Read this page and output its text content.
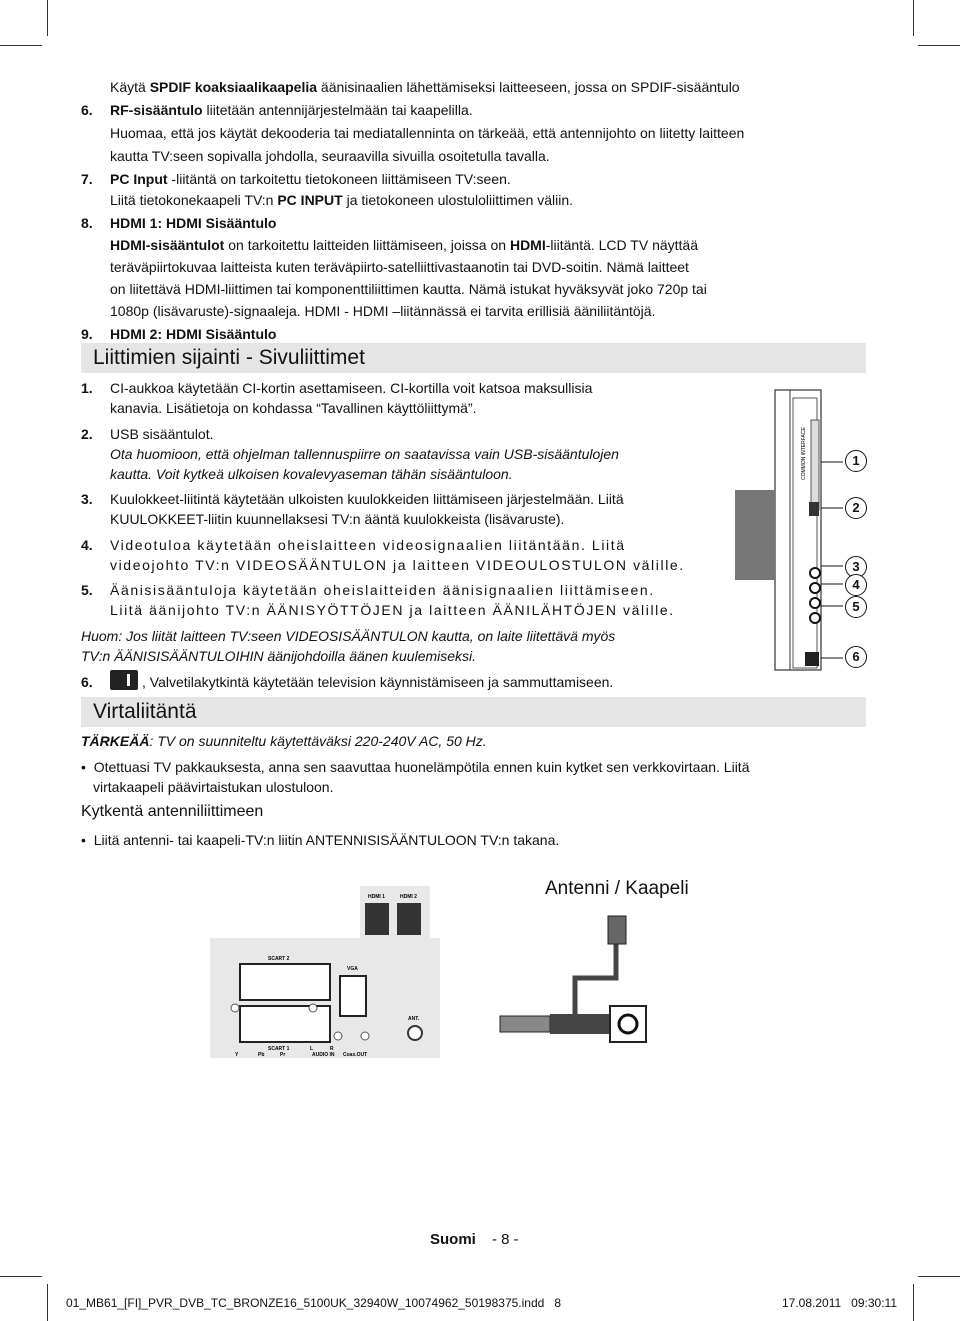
Käytä SPDIF koaksiaalikaapelia äänisinaalien lähettämiseksi laitteeseen, jossa on SPDIF-sisääntulo
6. RF-sisääntulo liitetään antennijärjestelmään tai kaapelilla.
Huomaa, että jos käytät dekooderia tai mediatallenninta on tärkeää, että antennijohto on liitetty laitteen
kautta TV:seen sopivalla johdolla, seuraavilla sivuilla osoitetulla tavalla.
7. PC Input -liitäntä on tarkoitettu tietokoneen liittämiseen TV:seen.
Liitä tietokonekaapeli TV:n PC INPUT ja tietokoneen ulostuloliittimen väliin.
8. HDMI 1: HDMI Sisääntulo
HDMI-sisääntulot on tarkoitettu laitteiden liittämiseen, joissa on HDMI-liitäntä. LCD TV näyttää
teräväpiirtokuvaa laitteista kuten teräväpiirto-satelliittivastaanotin tai DVD-soitin. Nämä laitteet
on liitettävä HDMI-liittimen tai komponenttiliittimen kautta. Nämä istukat hyväksyvät joko 720p tai
1080p (lisävaruste)-signaaleja. HDMI - HDMI –liitännässä ei tarvita erillisiä ääniliitäntöjä.
9. HDMI 2: HDMI Sisääntulo
Liittimien sijainti - Sivuliittimet
1. CI-aukkoa käytetään CI-kortin asettamiseen. CI-kortilla voit katsoa maksullisia
kanavia. Lisätietoja on kohdassa “Tavallinen käyttöliittymä”.
2. USB sisääntulot.
Ota huomioon, että ohjelman tallennuspiirre on saatavissa vain USB-sisääntulojen
kautta. Voit kytkeä ulkoisen kovalevyaseman tähän sisääntuloon.
3. Kuulokkeet-liitintä käytetään ulkoisten kuulokkeiden liittämiseen järjestelmään. Liitä
KUULOKKEET-liitin kuunnellaksesi TV:n ääntä kuulokkeista (lisävaruste).
4. Videotuloa käytetään oheislaitteen videosignaalien liitäntään. Liitä
videojohto TV:n VIDEOSÄÄNTULON ja laitteen VIDEOULOSTULON välille.
5. Äänisisääntuloja käytetään oheislaitteiden äänisignaalien liittämiseen.
Liitä äänijohto TV:n ÄÄNISYÖTTÖJEN ja laitteen ÄÄNILÄHTÖJEN välille.
Huom: Jos liität laitteen TV:seen VIDEOSISÄÄNTULON kautta, on laite liitettävä myös
TV:n ÄÄNISISÄÄNTULOIHIN äänijohdoilla äänen kuulemiseksi.
6.	, Valvetilakytkintä käytetään television käynnistämiseen ja sammuttamiseen.
COMMON INTERFACE	1
2
3
4
5
6
Virtaliitäntä
TÄRKEÄÄ: TV on suunniteltu käytettäväksi 220-240V AC, 50 Hz.
•  Otettuasi TV pakkauksesta, anna sen saavuttaa huonelämpötila ennen kuin kytket sen verkkovirtaan. Liitä
virtakaapeli päävirtaistukan ulostuloon.
Kytkentä antenniliittimeen
•  Liitä antenni- tai kaapeli-TV:n liitin ANTENNISISÄÄNTULOON TV:n takana.
HDMI 1	HDMI 2
SCART 2
VGA
SCART 1	L	R
ANT.
Y	Pb	Pr	AUDIO IN Coax.OUT
Antenni / Kaapeli
Suomi - 8 -
01_MB61_[FI]_PVR_DVB_TC_BRONZE16_5100UK_32940W_10074962_50198375.indd   8	17.08.2011   09:30:11
